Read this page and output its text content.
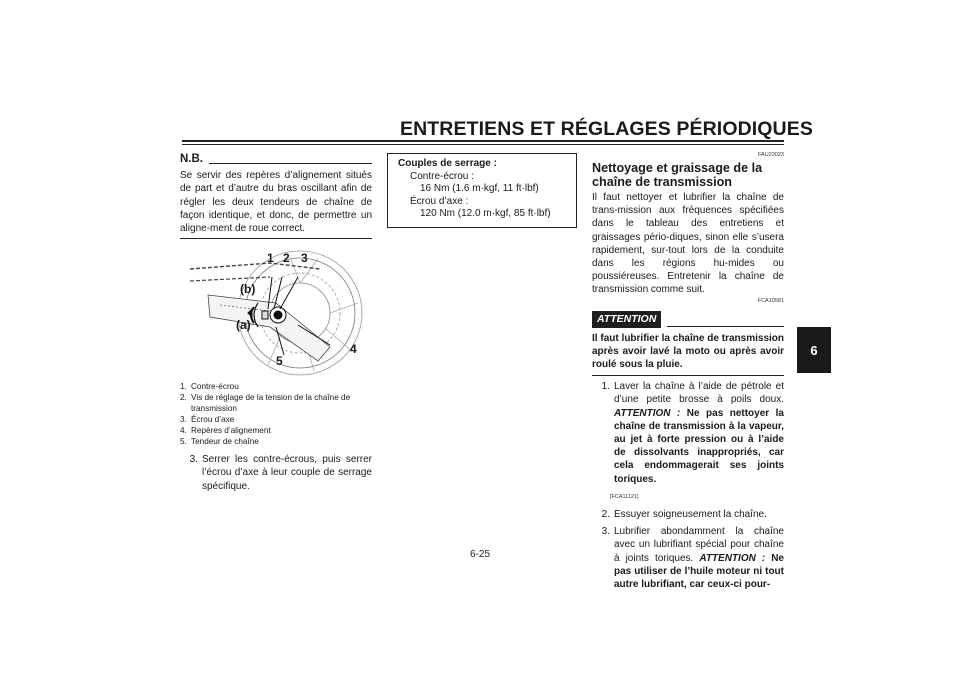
ENTRETIENS ET RÉGLAGES PÉRIODIQUES
6
N.B.
Se servir des repères d’alignement situés de part et d’autre du bras oscillant afin de régler les deux tendeurs de chaîne de façon identique, et donc, de permettre un aligne-ment de roue correct.
1 2 3
(b)
(a)
4
5
1. Contre-écrou
2. Vis de réglage de la tension de la chaîne de transmission
3. Écrou d’axe
4. Repères d’alignement
5. Tendeur de chaîne
3. Serrer les contre-écrous, puis serrer l’écrou d’axe à leur couple de serrage spécifique.
Couples de serrage :
Contre-écrou :
16 Nm (1.6 m·kgf, 11 ft·lbf)
Écrou d’axe :
120 Nm (12.0 m·kgf, 85 ft·lbf)
FAU23023
Nettoyage et graissage de la chaîne de transmission
Il faut nettoyer et lubrifier la chaîne de trans-mission aux fréquences spécifiées dans le tableau des entretiens et graissages pério-diques, sinon elle s’usera rapidement, sur-tout lors de la conduite dans les régions hu-mides ou poussiéreuses. Entretenir la chaîne de transmission comme suit.
FCA10581
ATTENTION
Il faut lubrifier la chaîne de transmission après avoir lavé la moto ou après avoir roulé sous la pluie.
1. Laver la chaîne à l’aide de pétrole et d’une petite brosse à poils doux. ATTENTION : Ne pas nettoyer la chaîne de transmission à la vapeur, au jet à forte pression ou à l’aide de dissolvants inappropriés, car cela endommagerait ses joints toriques.
[FCA11121]
2. Essuyer soigneusement la chaîne.
3. Lubrifier abondamment la chaîne avec un lubrifiant spécial pour chaîne à joints toriques. ATTENTION : Ne pas utiliser de l’huile moteur ni tout autre lubrifiant, car ceux-ci pour-
6-25
